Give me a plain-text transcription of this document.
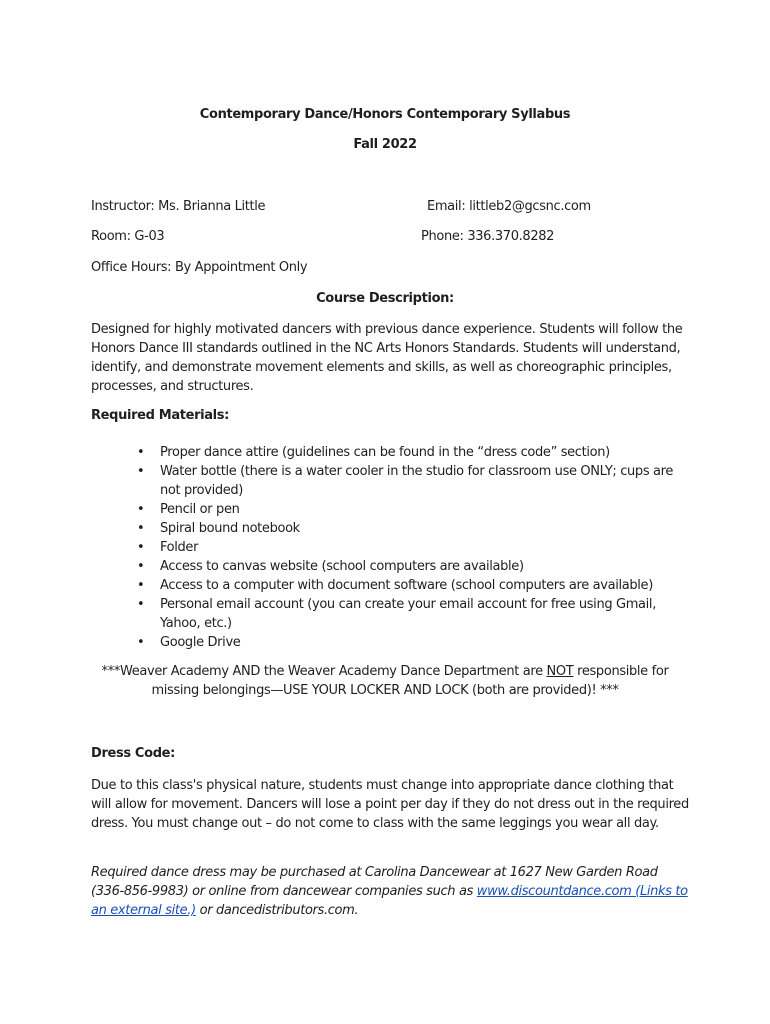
Contemporary Dance/Honors Contemporary Syllabus
Fall 2022
Instructor: Ms. Brianna Little	Email: littleb2@gcsnc.com
Room: G-03	Phone: 336.370.8282
Office Hours: By Appointment Only
Course Description:
Designed for highly motivated dancers with previous dance experience. Students will follow the Honors Dance III standards outlined in the NC Arts Honors Standards. Students will understand, identify, and demonstrate movement elements and skills, as well as choreographic principles, processes, and structures.
Required Materials:
• Proper dance attire (guidelines can be found in the “dress code” section)
• Water bottle (there is a water cooler in the studio for classroom use ONLY; cups are not provided)
• Pencil or pen
• Spiral bound notebook
• Folder
• Access to canvas website (school computers are available)
• Access to a computer with document software (school computers are available)
• Personal email account (you can create your email account for free using Gmail, Yahoo, etc.)
• Google Drive
***Weaver Academy AND the Weaver Academy Dance Department are NOT responsible for
missing belongings—USE YOUR LOCKER AND LOCK (both are provided)! ***
Dress Code:
Due to this class's physical nature, students must change into appropriate dance clothing that will allow for movement. Dancers will lose a point per day if they do not dress out in the required dress. You must change out – do not come to class with the same leggings you wear all day.
Required dance dress may be purchased at Carolina Dancewear at 1627 New Garden Road (336-856-9983) or online from dancewear companies such as www.discountdance.com (Links to an external site.) or dancedistributors.com.
